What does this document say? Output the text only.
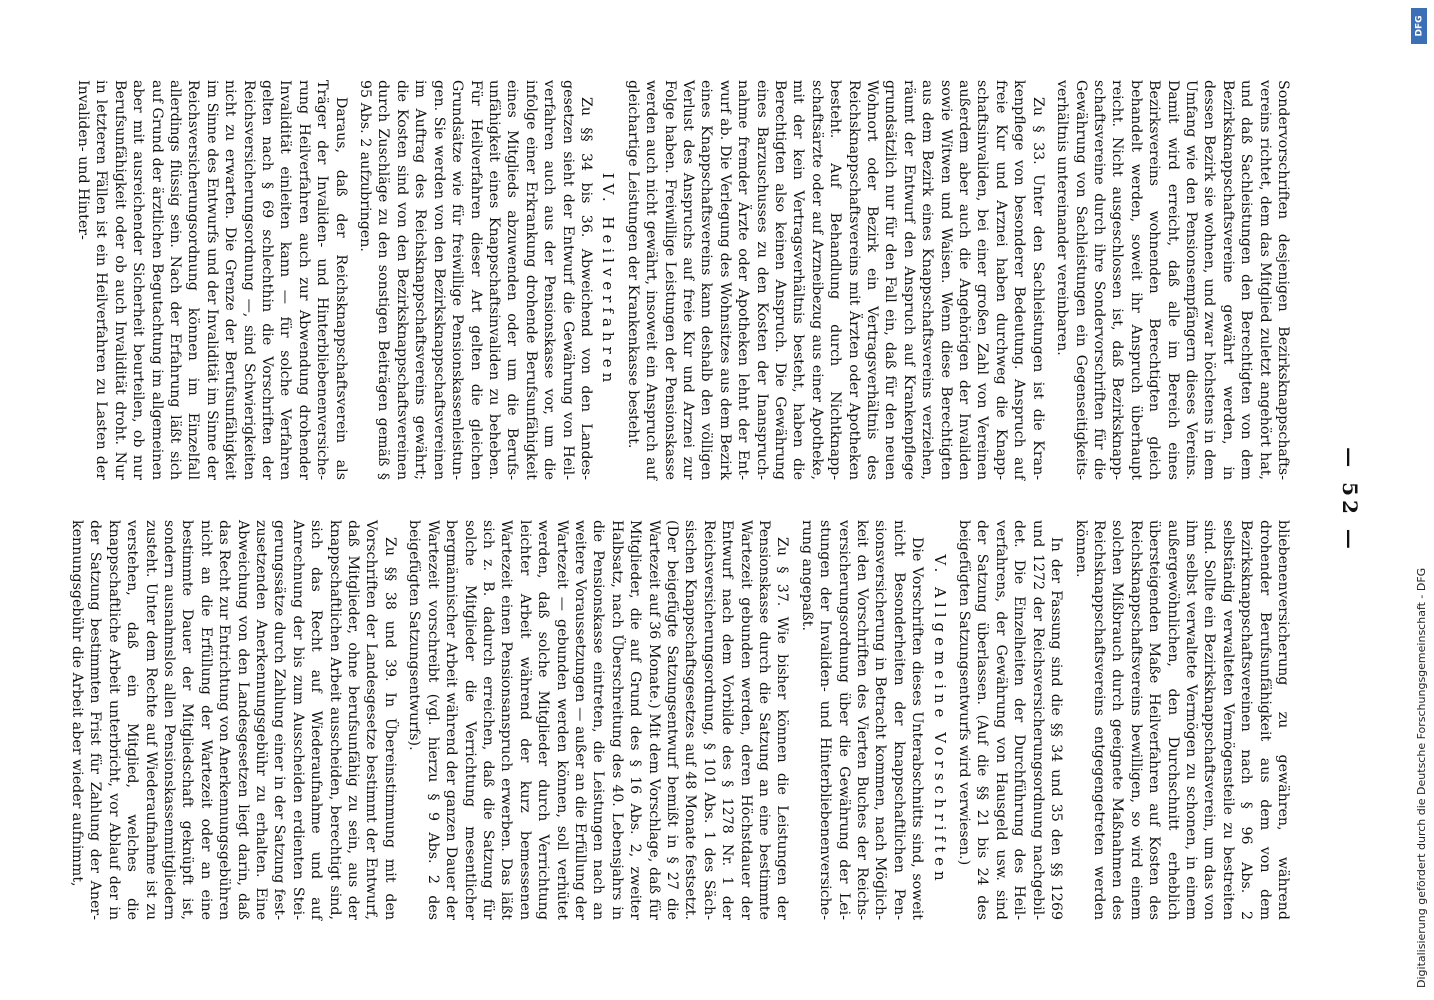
— 52 —

Sondervorschriften desjenigen Bezirksknappschaftsvereins richtet, dem das Mitglied zuletzt angehört hat, und daß Sachleistungen den Berechtigten von dem Bezirksknappschaftsvereine gewährt werden, in dessen Bezirk sie wohnen, und zwar höchstens in dem Umfang wie den Pensionsempfängern dieses Vereins. Damit wird erreicht, daß alle im Bereich eines Bezirksvereins wohnenden Berechtigten gleich behandelt werden, soweit ihr Anspruch überhaupt reicht. Nicht ausgeschlossen ist, daß Bezirksknappschaftsvereine durch ihre Sondervorschriften für die Gewährung von Sachleistungen ein Gegenseitigkeitsverhältnis untereinander vereinbaren.

Zu § 33. Unter den Sachleistungen ist die Krankenpflege von besonderer Bedeutung. Anspruch auf freie Kur und Arznei haben durchweg die Knappschaftsinvaliden, bei einer großen Zahl von Vereinen außerdem aber auch die Angehörigen der Invaliden sowie Witwen und Waisen. Wenn diese Berechtigten aus dem Bezirk eines Knappschaftsvereins verziehen, räumt der Entwurf den Anspruch auf Krankenpflege grundsätzlich nur für den Fall ein, daß für den neuen Wohnort oder Bezirk ein Vertragsverhältnis des Reichsknappschaftsvereins mit Ärzten oder Apotheken besteht. Auf Behandlung durch Nichtknappschaftsärzte oder auf Arzneibezug aus einer Apotheke, mit der kein Vertragsverhältnis besteht, haben die Berechtigten also keinen Anspruch. Die Gewährung eines Barzuschusses zu den Kosten der Inanspruchnahme fremder Ärzte oder Apotheken lehnt der Entwurf ab. Die Verlegung des Wohnsitzes aus dem Bezirk eines Knappschaftsvereins kann deshalb den völligen Verlust des Anspruchs auf freie Kur und Arznei zur Folge haben. Freiwillige Leistungen der Pensionskasse werden auch nicht gewährt, insoweit ein Anspruch auf gleichartige Leistungen der Krankenkasse besteht.

IV. Heilverfahren

Zu §§ 34 bis 36. Abweichend von den Landesgesetzen sieht der Entwurf die Gewährung von Heilverfahren auch aus der Pensionskasse vor, um die infolge einer Erkrankung drohende Berufsunfähigkeit eines Mitglieds abzuwenden oder um die Berufsunfähigkeit eines Knappschaftsinvaliden zu beheben. Für Heilverfahren dieser Art gelten die gleichen Grundsätze wie für freiwillige Pensionskassenleistungen. Sie werden von den Bezirksknappschaftsvereinen im Auftrag des Reichsknappschaftsvereins gewährt; die Kosten sind von den Bezirksknappschaftsvereinen durch Zuschläge zu den sonstigen Beiträgen gemäß § 95 Abs. 2 aufzubringen.

Daraus, daß der Reichsknappschaftsverein als Träger der Invaliden- und Hinterbliebenenversicherung Heilverfahren auch zur Abwendung drohender Invalidität einleiten kann — für solche Verfahren gelten nach § 69 schlechthin die Vorschriften der Reichsversicherungsordnung —, sind Schwierigkeiten nicht zu erwarten. Die Grenze der Berufsunfähigkeit im Sinne des Entwurfs und der Invalidität im Sinne der Reichsversicherungsordnung können im Einzelfall allerdings flüssig sein. Nach der Erfahrung läßt sich auf Grund der ärztlichen Begutachtung im allgemeinen aber mit ausreichender Sicherheit beurteilen, ob nur Berufsunfähigkeit oder ob auch Invalidität droht. Nur in letzteren Fällen ist ein Heilverfahren zu Lasten der Invaliden- und Hinter-

bliebenenversicherung zu gewähren, während drohender Berufsunfähigkeit aus dem von dem Bezirksknappschaftsvereinen nach § 96 Abs. 2 selbständig verwalteten Vermögensteile zu bestreiten sind. Sollte ein Bezirksknappschaftsverein, um das von ihm selbst verwaltete Vermögen zu schonen, in einem außergewöhnlichen, den Durchschnitt erheblich übersteigenden Maße Heilverfahren auf Kosten des Reichsknappschaftsvereins bewilligen, so wird einem solchen Mißbrauch durch geeignete Maßnahmen des Reichsknappschaftsvereins entgegengetreten werden können.

In der Fassung sind die §§ 34 und 35 den §§ 1269 und 1272 der Reichsversicherungsordnung nachgebildet. Die Einzelheiten der Durchführung des Heilverfahrens, der Gewährung von Hausgeld usw. sind der Satzung überlassen. (Auf die §§ 21 bis 24 des beigefügten Satzungsentwurfs wird verwiesen.)

V. Allgemeine Vorschriften

Die Vorschriften dieses Unterabschnitts sind, soweit nicht Besonderheiten der knappschaftlichen Pensionsversicherung in Betracht kommen, nach Möglichkeit den Vorschriften des Vierten Buches der Reichsversicherungsordnung über die Gewährung der Leistungen der Invaliden- und Hinterbliebenenversicherung angepaßt.

Zu § 37. Wie bisher können die Leistungen der Pensionskasse durch die Satzung an eine bestimmte Wartezeit gebunden werden, deren Höchstdauer der Entwurf nach dem Vorbilde des § 1278 Nr. 1 der Reichsversicherungsordnung, § 101 Abs. 1 des Sächsischen Knappschaftsgesetzes auf 48 Monate festsetzt. (Der beigefügte Satzungsentwurf bemißt in § 27 die Wartezeit auf 36 Monate.) Mit dem Vorschlage, daß für Mitglieder, die auf Grund des § 16 Abs. 2, zweiter Halbsatz, nach Überschreitung des 40. Lebensjahrs in die Pensionskasse eintreten, die Leistungen nach an weitere Voraussetzungen — außer an die Erfüllung der Wartezeit — gebunden werden können, soll verhütet werden, daß solche Mitglieder durch Verrichtung leichter Arbeit während der kurz bemessenen Wartezeit einen Pensionsanspruch erwerben. Das läßt sich z. B. dadurch erreichen, daß die Satzung für solche Mitglieder die Verrichtung mesentlicher bergmännischer Arbeit während der ganzen Dauer der Wartezeit vorschreibt (vgl. hierzu § 9 Abs. 2 des beigefügten Satzungsentwurfs).

Zu §§ 38 und 39. In Übereinstimmung mit den Vorschriften der Landesgesetze bestimmt der Entwurf, daß Mitglieder, ohne berufsunfähig zu sein, aus der knappschaftlichen Arbeit ausscheiden, berechtigt sind, sich das Recht auf Wiederaufnahme und auf Anrechnung der bis zum Ausscheiden erdienten Steigerungssätze durch Zahlung einer in der Satzung festzusetzenden Anerkennungsgebühr zu erhalten. Eine Abweichung von den Landesgesetzen liegt darin, daß das Recht zur Entrichtung von Anerkennungsgebühren nicht an die Erfüllung der Wartezeit oder an eine bestimmte Dauer der Mitgliedschaft geknüpft ist, sondern ausnahmslos allen Pensionskassenmitgliedern zusteht. Unter dem Rechte auf Wiederaufnahme ist zu verstehen, daß ein Mitglied, welches die knappschaftliche Arbeit unterbricht, vor Ablauf der in der Satzung bestimmten Frist für Zahlung der Anerkennungsgebühr die Arbeit aber wieder aufnimmt,

DFG
Digitalisierung gefördert durch die Deutsche Forschungsgemeinschaft - DFG
